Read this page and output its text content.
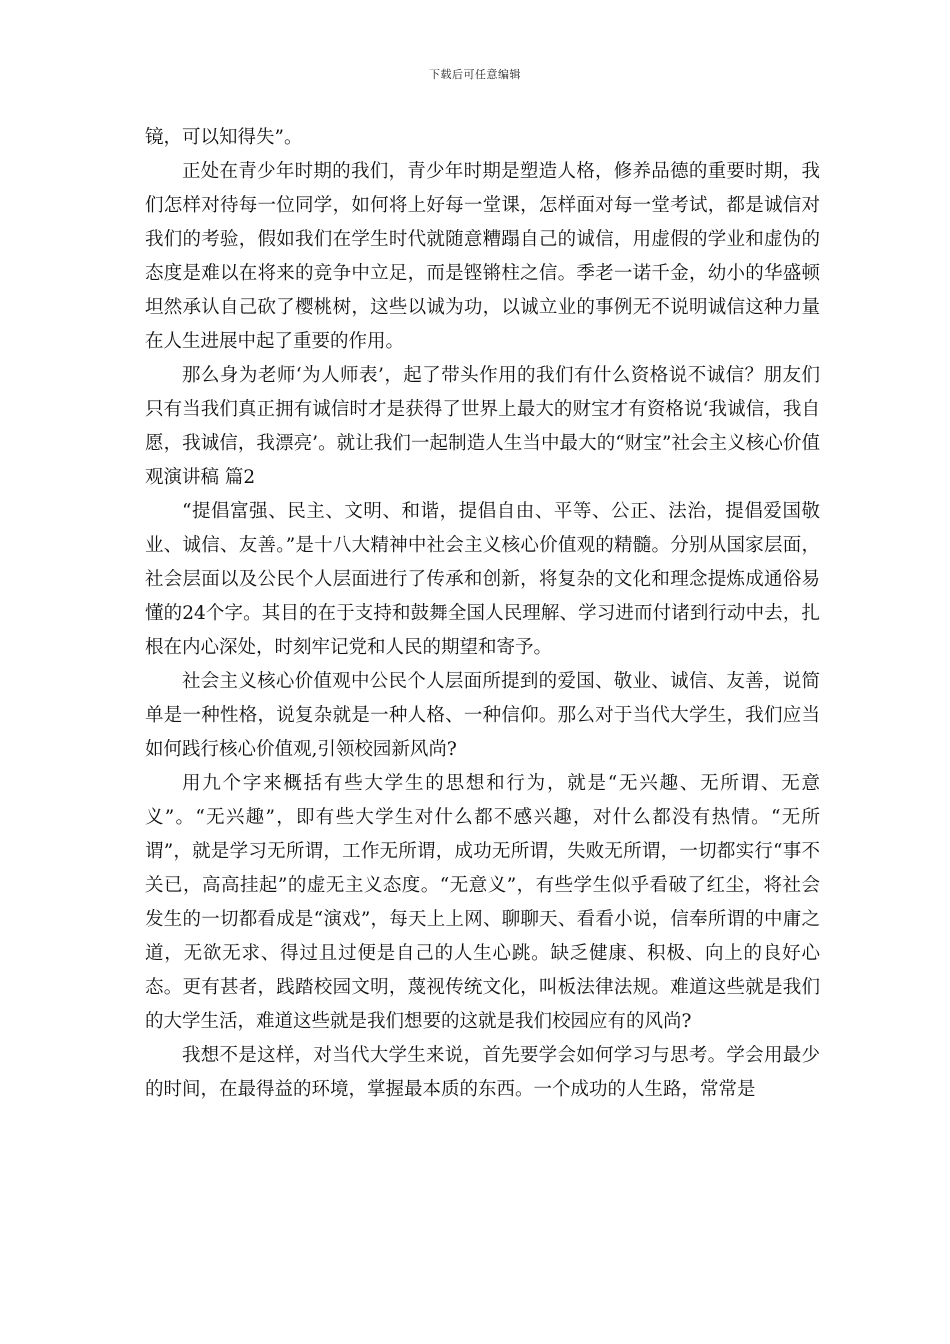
下载后可任意编辑

镜，可以知得失”。

正处在青少年时期的我们，青少年时期是塑造人格，修养品德的重要时期，我们怎样对待每一位同学，如何将上好每一堂课，怎样面对每一堂考试，都是诚信对我们的考验，假如我们在学生时代就随意糟蹋自己的诚信，用虚假的学业和虚伪的态度是难以在将来的竞争中立足，而是铿锵柱之信。季老一诺千金，幼小的华盛顿坦然承认自己砍了樱桃树，这些以诚为功，以诚立业的事例无不说明诚信这种力量在人生进展中起了重要的作用。

那么身为老师‘为人师表’，起了带头作用的我们有什么资格说不诚信？朋友们只有当我们真正拥有诚信时才是获得了世界上最大的财宝才有资格说‘我诚信，我自愿，我诚信，我漂亮’。就让我们一起制造人生当中最大的“财宝”社会主义核心价值观演讲稿 篇2

“提倡富强、民主、文明、和谐，提倡自由、平等、公正、法治，提倡爱国敬业、诚信、友善。”是十八大精神中社会主义核心价值观的精髓。分别从国家层面，社会层面以及公民个人层面进行了传承和创新，将复杂的文化和理念提炼成通俗易懂的24个字。其目的在于支持和鼓舞全国人民理解、学习进而付诸到行动中去，扎根在内心深处，时刻牢记党和人民的期望和寄予。

社会主义核心价值观中公民个人层面所提到的爱国、敬业、诚信、友善，说简单是一种性格，说复杂就是一种人格、一种信仰。那么对于当代大学生，我们应当如何践行核心价值观,引领校园新风尚?

用九个字来概括有些大学生的思想和行为，就是“无兴趣、无所谓、无意义”。“无兴趣”，即有些大学生对什么都不感兴趣，对什么都没有热情。“无所谓”，就是学习无所谓，工作无所谓，成功无所谓，失败无所谓，一切都实行“事不关已，高高挂起”的虚无主义态度。“无意义”，有些学生似乎看破了红尘，将社会发生的一切都看成是“演戏”，每天上上网、聊聊天、看看小说，信奉所谓的中庸之道，无欲无求、得过且过便是自己的人生心跳。缺乏健康、积极、向上的良好心态。更有甚者，践踏校园文明，蔑视传统文化，叫板法律法规。难道这些就是我们的大学生活，难道这些就是我们想要的这就是我们校园应有的风尚?

我想不是这样，对当代大学生来说，首先要学会如何学习与思考。学会用最少的时间，在最得益的环境，掌握最本质的东西。一个成功的人生路，常常是
